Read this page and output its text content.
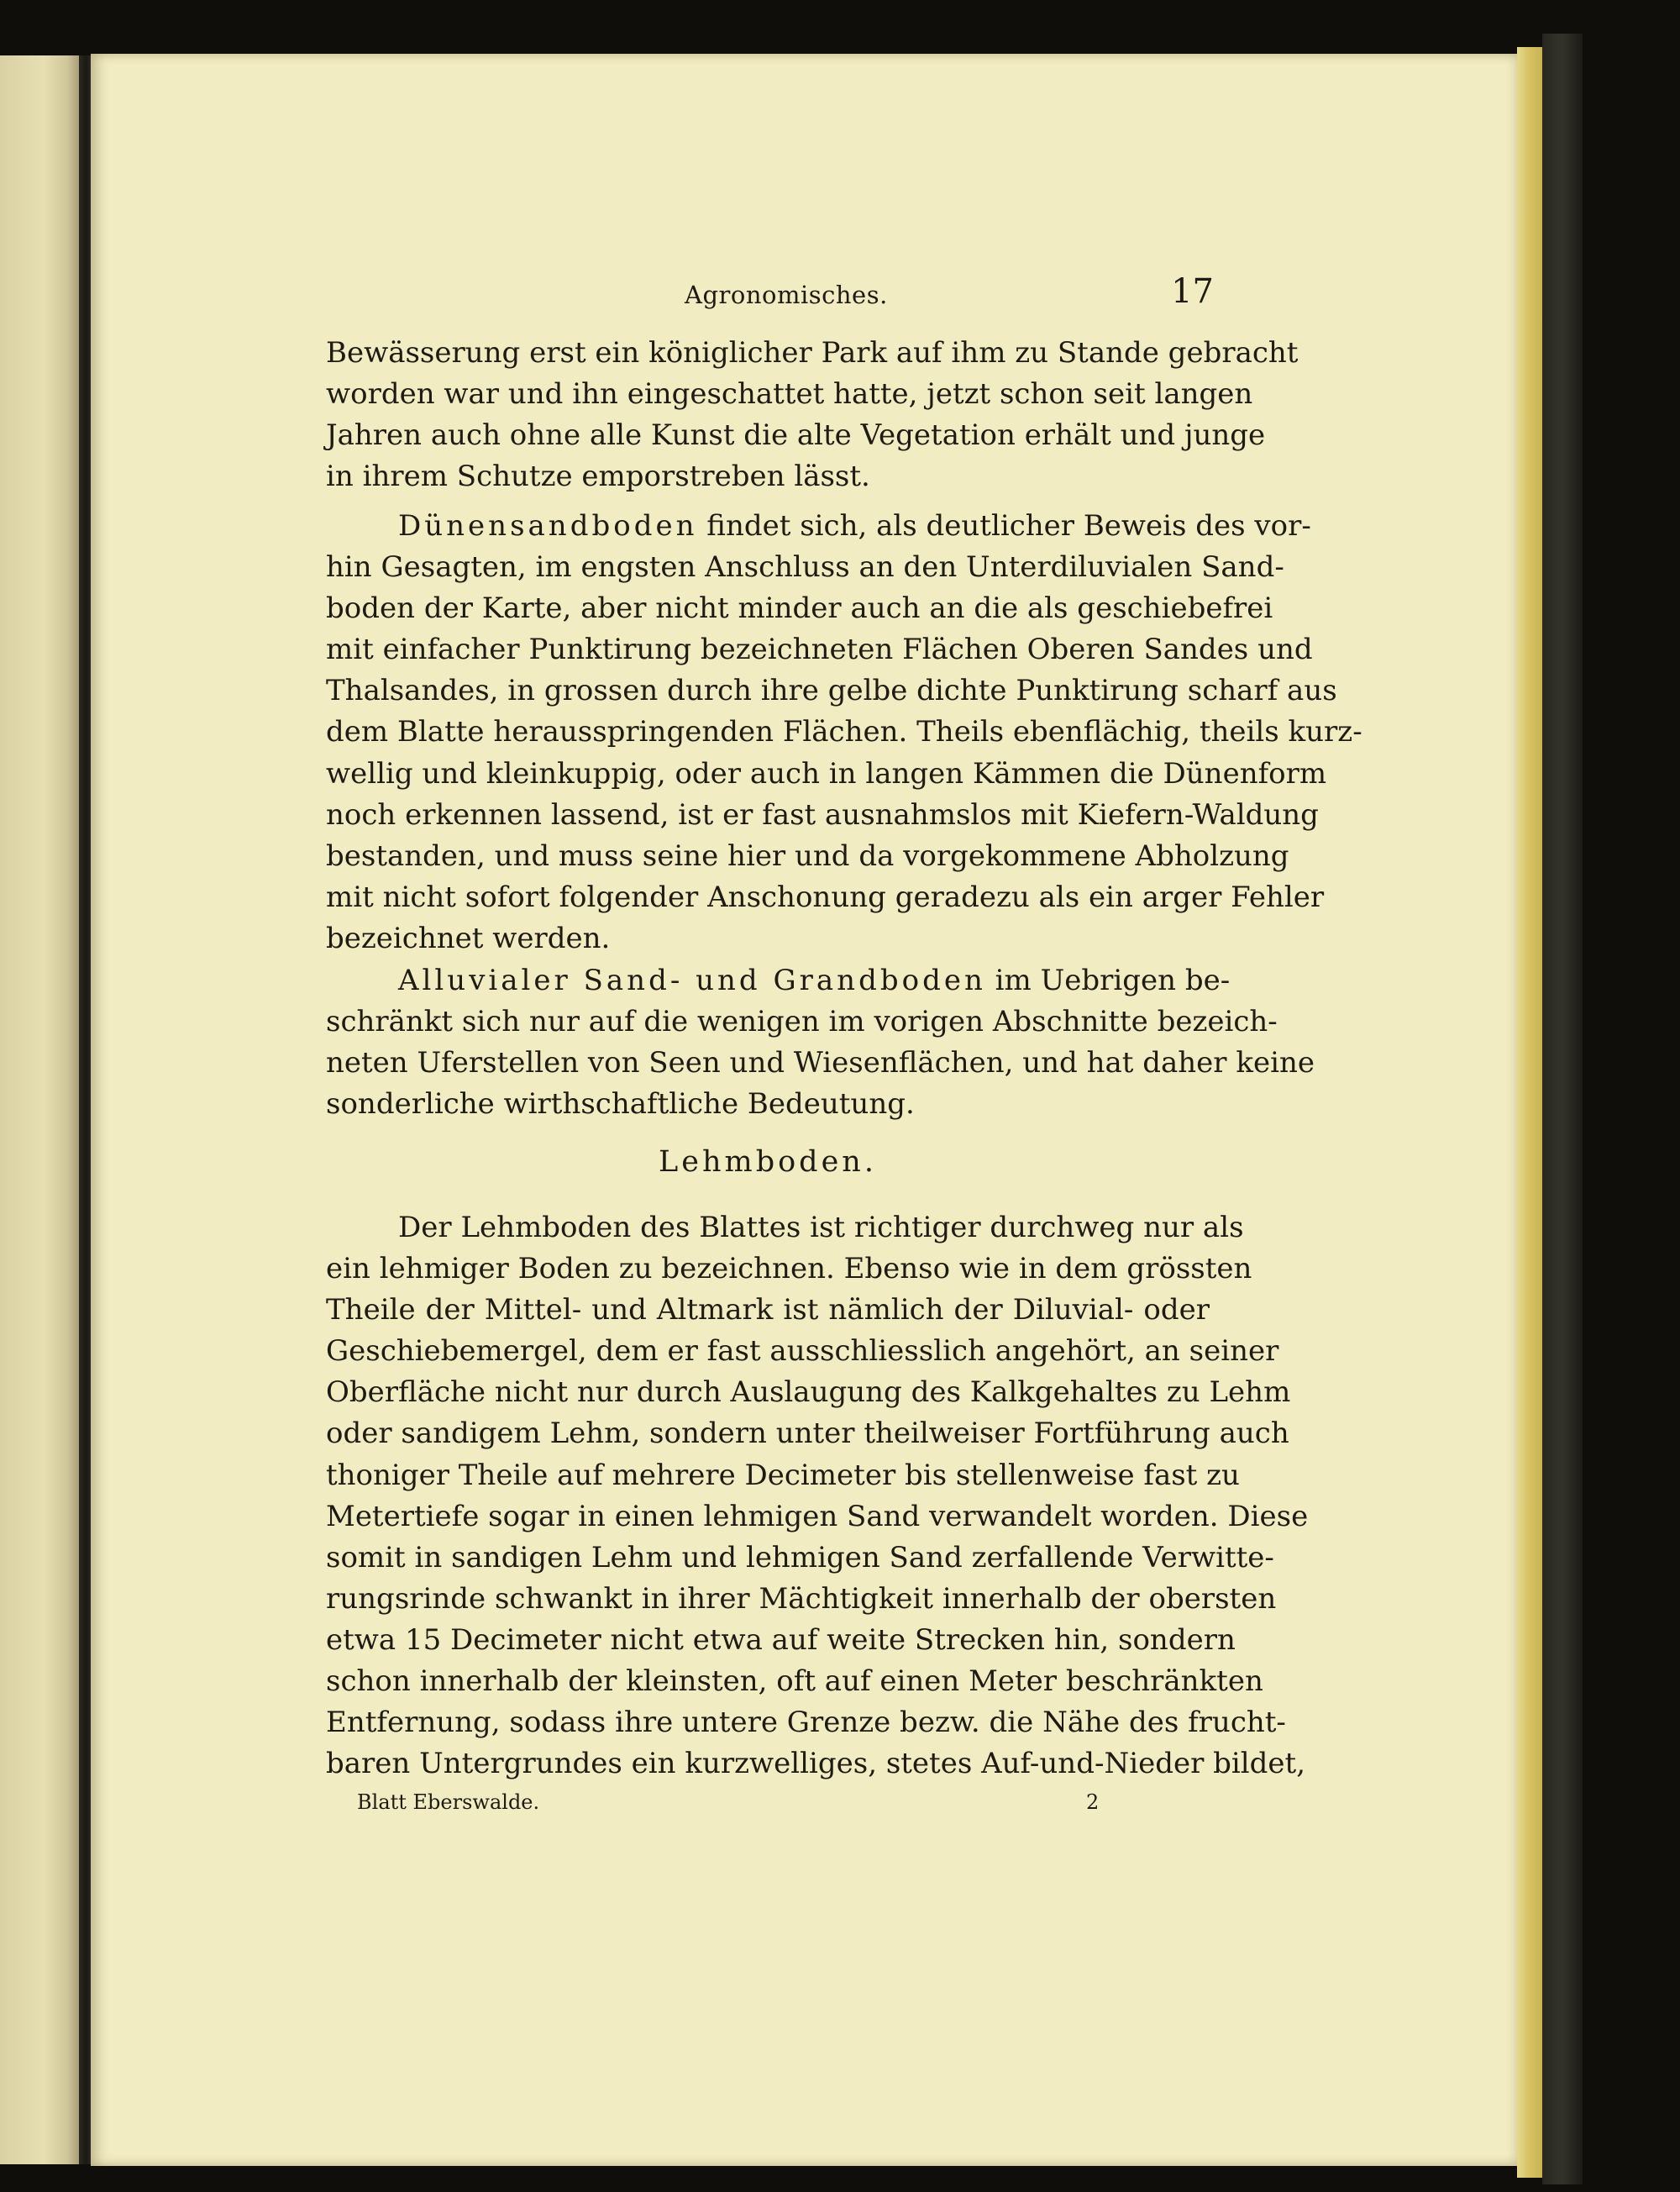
Agronomisches.	17
Bewässerung erst ein königlicher Park auf ihm zu Stande gebracht
worden war und ihn eingeschattet hatte, jetzt schon seit langen
Jahren auch ohne alle Kunst die alte Vegetation erhält und junge
in ihrem Schutze emporstreben lässt.
Dünensandboden findet sich, als deutlicher Beweis des vor-
hin Gesagten, im engsten Anschluss an den Unterdiluvialen Sand-
boden der Karte, aber nicht minder auch an die als geschiebefrei
mit einfacher Punktirung bezeichneten Flächen Oberen Sandes und
Thalsandes, in grossen durch ihre gelbe dichte Punktirung scharf aus
dem Blatte herausspringenden Flächen. Theils ebenflächig, theils kurz-
wellig und kleinkuppig, oder auch in langen Kämmen die Dünenform
noch erkennen lassend, ist er fast ausnahmslos mit Kiefern-Waldung
bestanden, und muss seine hier und da vorgekommene Abholzung
mit nicht sofort folgender Anschonung geradezu als ein arger Fehler
bezeichnet werden.
Alluvialer Sand- und Grandboden im Uebrigen be-
schränkt sich nur auf die wenigen im vorigen Abschnitte bezeich-
neten Uferstellen von Seen und Wiesenflächen, und hat daher keine
sonderliche wirthschaftliche Bedeutung.
Lehmboden.
Der Lehmboden des Blattes ist richtiger durchweg nur als
ein lehmiger Boden zu bezeichnen. Ebenso wie in dem grössten
Theile der Mittel- und Altmark ist nämlich der Diluvial- oder
Geschiebemergel, dem er fast ausschliesslich angehört, an seiner
Oberfläche nicht nur durch Auslaugung des Kalkgehaltes zu Lehm
oder sandigem Lehm, sondern unter theilweiser Fortführung auch
thoniger Theile auf mehrere Decimeter bis stellenweise fast zu
Metertiefe sogar in einen lehmigen Sand verwandelt worden. Diese
somit in sandigen Lehm und lehmigen Sand zerfallende Verwitte-
rungsrinde schwankt in ihrer Mächtigkeit innerhalb der obersten
etwa 15 Decimeter nicht etwa auf weite Strecken hin, sondern
schon innerhalb der kleinsten, oft auf einen Meter beschränkten
Entfernung, sodass ihre untere Grenze bezw. die Nähe des frucht-
baren Untergrundes ein kurzwelliges, stetes Auf-und-Nieder bildet,
Blatt Eberswalde.	2
